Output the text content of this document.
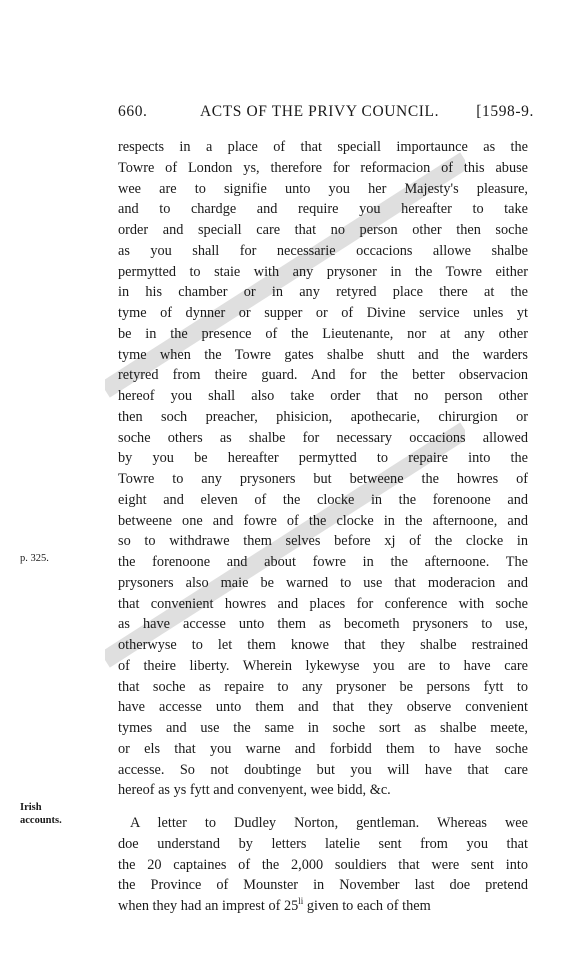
660.	ACTS OF THE PRIVY COUNCIL. [1598-9.
p. 325.
Irish
accounts.
respects in a place of that speciall importaunce as the
Towre of London ys, therefore for reformacion of this abuse
wee are to signifie unto you her Majesty's pleasure,
and to chardge and require you hereafter to take
order and speciall care that no person other then soche
as you shall for necessarie occacions allowe shalbe
permytted to staie with any prysoner in the Towre either
in his chamber or in any retyred place there at the
tyme of dynner or supper or of Divine service unles yt
be in the presence of the Lieutenante, nor at any other
tyme when the Towre gates shalbe shutt and the warders
retyred from theire guard. And for the better observacion
hereof you shall also take order that no person other
then soch preacher, phisicion, apothecarie, chirurgion or
soche others as shalbe for necessary occacions allowed
by you be hereafter permytted to repaire into the
Towre to any prysoners but betweene the howres of
eight and eleven of the clocke in the forenoone and
betweene one and fowre of the clocke in the afternoone, and
so to withdrawe them selves before xj of the clocke in
the forenoone and about fowre in the afternoone. The
prysoners also maie be warned to use that moderacion and
that convenient howres and places for conference with soche
as have accesse unto them as becometh prysoners to use,
otherwyse to let them knowe that they shalbe restrained
of theire liberty. Wherein lykewyse you are to have care
that soche as repaire to any prysoner be persons fytt to
have accesse unto them and that they observe convenient
tymes and use the same in soche sort as shalbe meete,
or els that you warne and forbidd them to have soche
accesse. So not doubtinge but you will have that care
hereof as ys fytt and convenyent, wee bidd, &c.
A letter to Dudley Norton, gentleman. Whereas wee
doe understand by letters latelie sent from you that
the 20 captaines of the 2,000 souldiers that were sent into
the Province of Mounster in November last doe pretend
when they had an imprest of $25^{li}$ given to each of them
